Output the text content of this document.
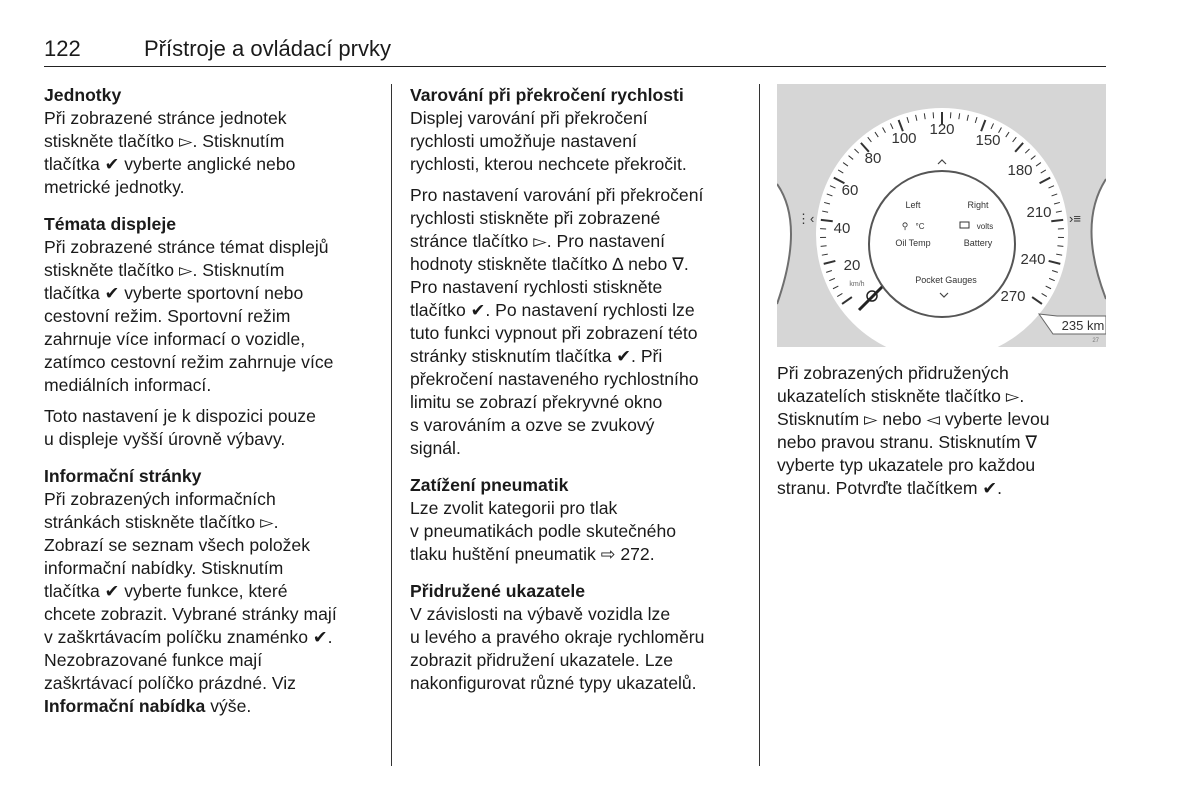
122	Přístroje a ovládací prvky
Jednotky
Při zobrazené stránce jednotek
stiskněte tlačítko ▻. Stisknutím
tlačítka ✔ vyberte anglické nebo
metrické jednotky.
Témata displeje
Při zobrazené stránce témat displejů
stiskněte tlačítko ▻. Stisknutím
tlačítka ✔ vyberte sportovní nebo
cestovní režim. Sportovní režim
zahrnuje více informací o vozidle,
zatímco cestovní režim zahrnuje více
mediálních informací.
Toto nastavení je k dispozici pouze
u displeje vyšší úrovně výbavy.
Informační stránky
Při zobrazených informačních
stránkách stiskněte tlačítko ▻.
Zobrazí se seznam všech položek
informační nabídky. Stisknutím
tlačítka ✔ vyberte funkce, které
chcete zobrazit. Vybrané stránky mají
v zaškrtávacím políčku znaménko ✔.
Nezobrazované funkce mají
zaškrtávací políčko prázdné. Viz
Informační nabídka výše.
Varování při překročení rychlosti
Displej varování při překročení
rychlosti umožňuje nastavení
rychlosti, kterou nechcete překročit.
Pro nastavení varování při překročení
rychlosti stiskněte při zobrazené
stránce tlačítko ▻. Pro nastavení
hodnoty stiskněte tlačítko ∆ nebo ∇.
Pro nastavení rychlosti stiskněte
tlačítko ✔. Po nastavení rychlosti lze
tuto funkci vypnout při zobrazení této
stránky stisknutím tlačítka ✔. Při
překročení nastaveného rychlostního
limitu se zobrazí překryvné okno
s varováním a ozve se zvukový
signál.
Zatížení pneumatik
Lze zvolit kategorii pro tlak
v pneumatikách podle skutečného
tlaku huštění pneumatik ⇨ 272.
Přidružené ukazatele
V závislosti na výbavě vozidla lze
u levého a pravého okraje rychloměru
zobrazit přidružení ukazatele. Lze
nakonfigurovat různé typy ukazatelů.
⋮‹	›≡
20
40
60
80
100
120
150
180
210
240
270
km/h
Left	Right
⚲ °C	volts
Oil Temp	Battery
Pocket Gauges
235 km
27
Při zobrazených přidružených
ukazatelích stiskněte tlačítko ▻.
Stisknutím ▻ nebo ◅ vyberte levou
nebo pravou stranu. Stisknutím ∇
vyberte typ ukazatele pro každou
stranu. Potvrďte tlačítkem ✔.
